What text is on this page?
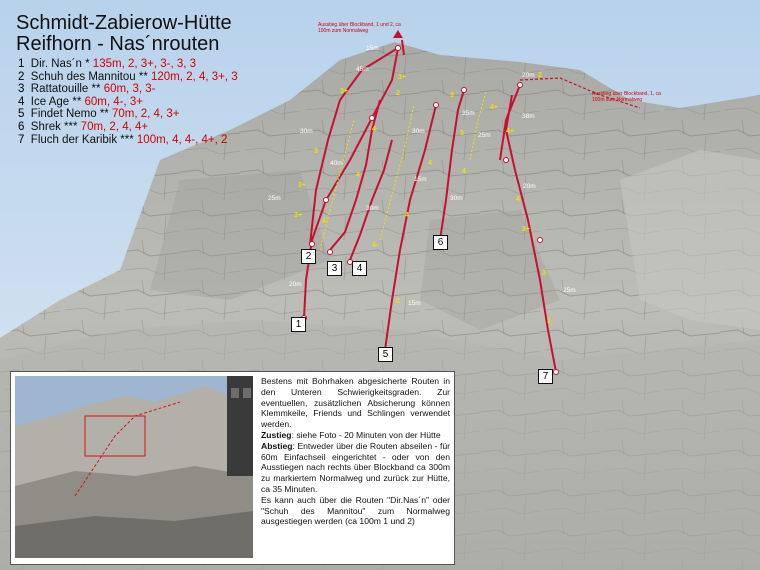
Schmidt-Zabierow-Hütte
Reifhorn - Nas´nrouten
1 Dir. Nas´n * 135m, 2, 3+, 3-, 3, 3
2 Schuh des Mannitou ** 120m, 2, 4, 3+, 3
3 Rattatouille ** 60m, 3, 3-
4 Ice Age ** 60m, 4-, 3+
5 Findet Nemo ** 70m, 2, 4, 3+
6 Shrek *** 70m, 2, 4, 4+
7 Fluch der Karibik *** 100m, 4, 4-, 4+, 2
Ausstieg über Blockband, 1 und 2, ca 100m zum Normalweg
Ausstieg über Blockband, 1, ca 100m zum Normalweg
1
2
3	4
5
6
7
15m
45m
30m
40m
25m
20m
30m
35m
25m
38m
20m
15m
30m
30m
20m
15m
25m
3+
3+
3
3+
4-
4
3+
4
4+
3
4
4-
4
3+
2
3
4
2
4
3
3
2
4+

Bestens mit Bohrhaken abgesicherte Routen in den Unteren Schwierigkeitsgraden. Zur eventuellen, zusätzlichen Absicherung können Klemmkeile, Friends und Schlingen verwendet werden.

Zustieg: siehe Foto - 20 Minuten von der Hütte

Abstieg: Entweder über die Routen abseilen - für 60m Einfachseil eingerichtet - oder von den Ausstiegen nach rechts über Blockband ca 300m zu markiertem Normalweg und zurück zur Hütte, ca 35 Minuten.

Es kann auch über die Routen "Dir.Nas´n" oder "Schuh des Mannitou" zum Normalweg ausgestiegen werden (ca 100m 1 und 2)
